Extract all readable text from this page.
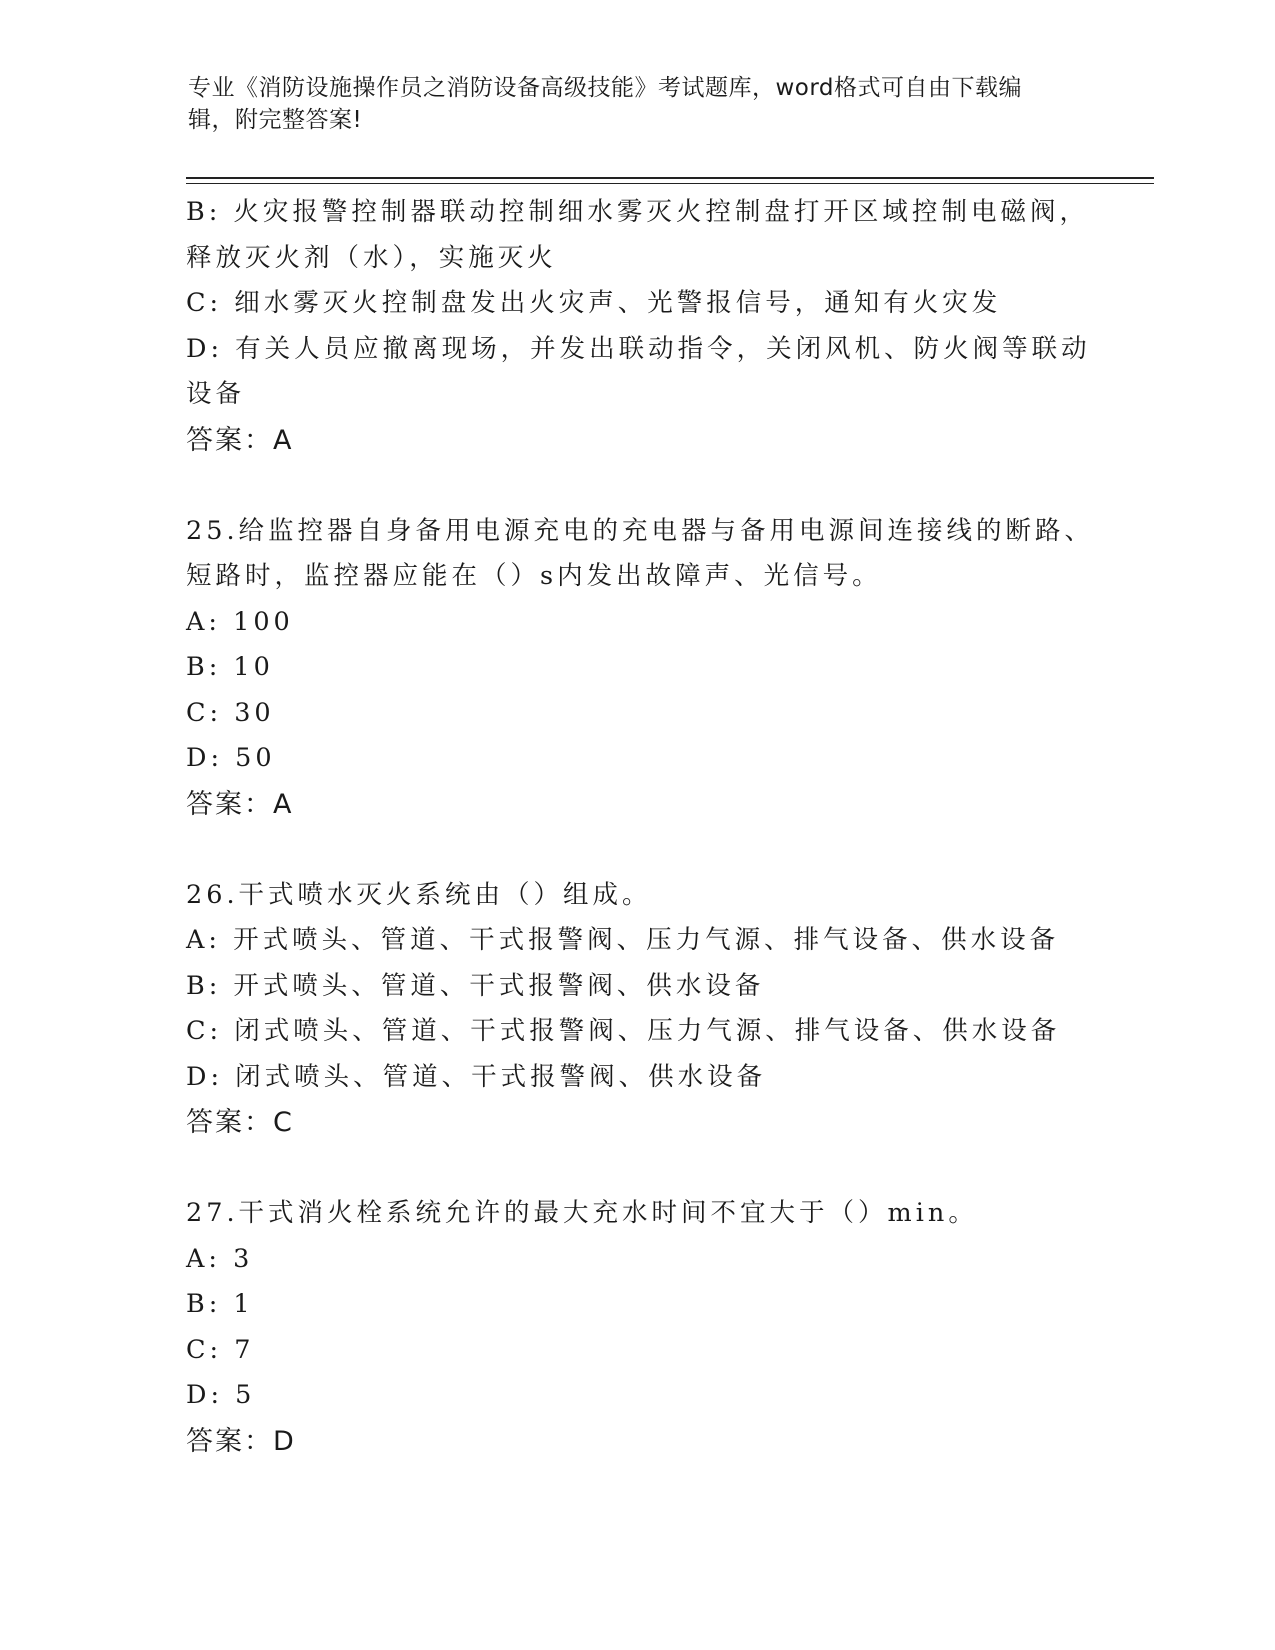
专业《消防设施操作员之消防设备高级技能》考试题库，word格式可自由下载编
辑，附完整答案!
B: 火灾报警控制器联动控制细水雾灭火控制盘打开区域控制电磁阀，
释放灭火剂（水），实施灭火
C: 细水雾灭火控制盘发出火灾声、光警报信号，通知有火灾发
D: 有关人员应撤离现场，并发出联动指令，关闭风机、防火阀等联动
设备
答案：A
25.给监控器自身备用电源充电的充电器与备用电源间连接线的断路、
短路时，监控器应能在（）s内发出故障声、光信号。
A: 100
B: 10
C: 30
D: 50
答案：A
26.干式喷水灭火系统由（）组成。
A: 开式喷头、管道、干式报警阀、压力气源、排气设备、供水设备
B: 开式喷头、管道、干式报警阀、供水设备
C: 闭式喷头、管道、干式报警阀、压力气源、排气设备、供水设备
D: 闭式喷头、管道、干式报警阀、供水设备
答案：C
27.干式消火栓系统允许的最大充水时间不宜大于（）min。
A: 3
B: 1
C: 7
D: 5
答案：D
